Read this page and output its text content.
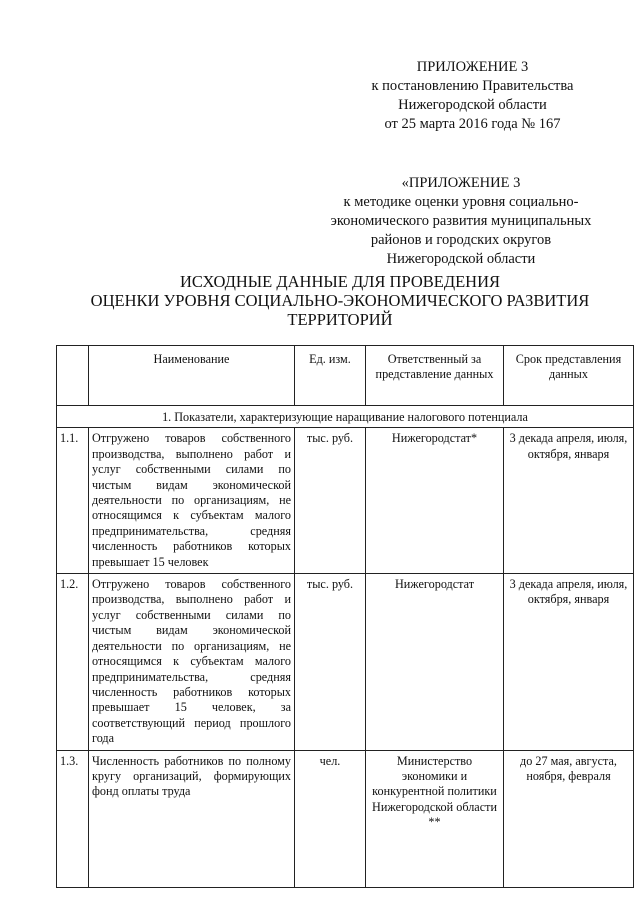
ПРИЛОЖЕНИЕ 3
к постановлению Правительства
Нижегородской области
от 25 марта 2016 года № 167
«ПРИЛОЖЕНИЕ 3
к методике оценки уровня социально-
экономического развития муниципальных
районов и городских округов
Нижегородской области
ИСХОДНЫЕ ДАННЫЕ ДЛЯ ПРОВЕДЕНИЯ
ОЦЕНКИ УРОВНЯ СОЦИАЛЬНО-ЭКОНОМИЧЕСКОГО РАЗВИТИЯ
ТЕРРИТОРИЙ
	Наименование	Ед. изм.	Ответственный за представление данных	Срок представления данных
1. Показатели, характеризующие наращивание налогового потенциала				
1.1.	Отгружено товаров собственного производства, выполнено работ и услуг собственными силами по чистым видам экономической деятельности по организациям, не относящимся к субъектам малого предпринимательства, средняя численность работников которых превышает 15 человек	тыс. руб.	Нижегородстат*	3 декада апреля, июля, октября, января
1.2.	Отгружено товаров собственного производства, выполнено работ и услуг собственными силами по чистым видам экономической деятельности по организациям, не относящимся к субъектам малого предпринимательства, средняя численность работников которых превышает 15 человек, за соответствующий период прошлого года	тыс. руб.	Нижегородстат	3 декада апреля, июля, октября, января
1.3.	Численность работников по полному кругу организаций, формирующих фонд оплаты труда	чел.	Министерство экономики и конкурентной политики Нижегородской области **	до 27 мая, августа, ноября, февраля
